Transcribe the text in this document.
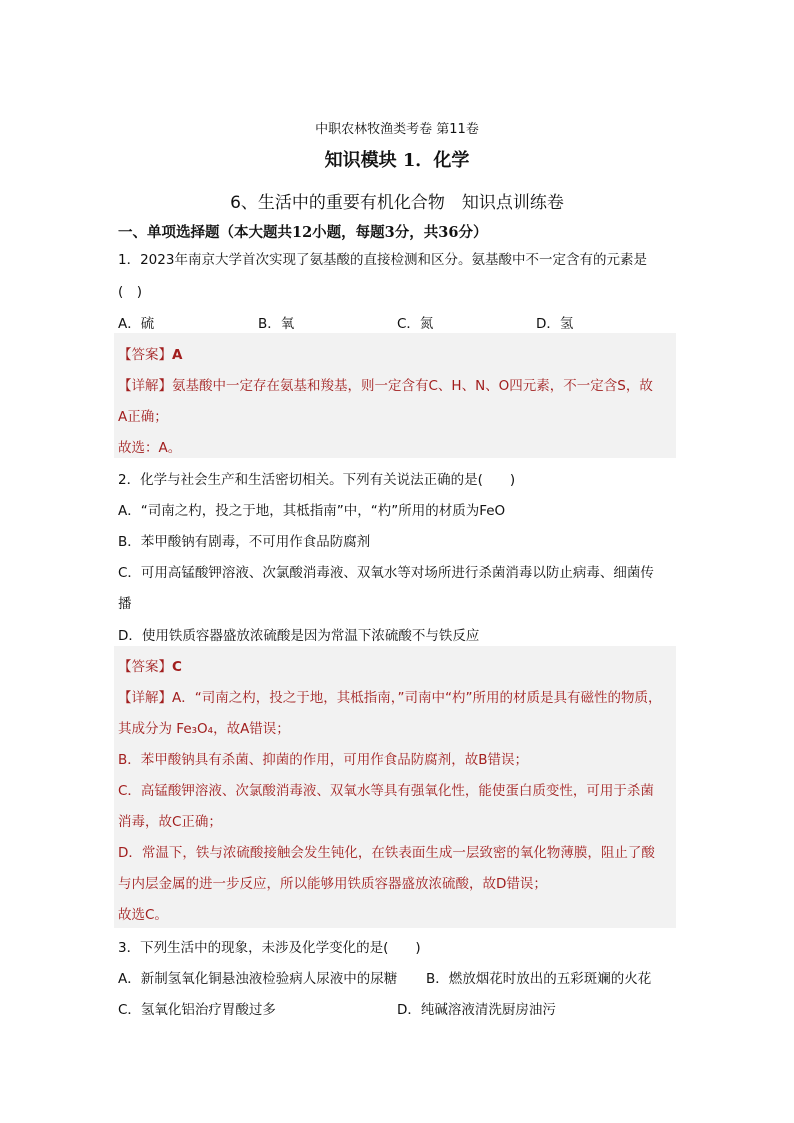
中职农林牧渔类考卷 第11卷
知识模块 1．化学
6、生活中的重要有机化合物　知识点训练卷
一、单项选择题（本大题共12小题，每题3分，共36分）
1．2023年南京大学首次实现了氨基酸的直接检测和区分。氨基酸中不一定含有的元素是
(　)
A．硫	B．氧	C．氮	D．氢
【答案】A
【详解】氨基酸中一定存在氨基和羧基，则一定含有C、H、N、O四元素，不一定含S，故
A正确；
故选：A。
2．化学与社会生产和生活密切相关。下列有关说法正确的是(　　)
A．“司南之杓，投之于地，其柢指南”中，“杓”所用的材质为FeO
B．苯甲酸钠有剧毒，不可用作食品防腐剂
C．可用高锰酸钾溶液、次氯酸消毒液、双氧水等对场所进行杀菌消毒以防止病毒、细菌传
播
D．使用铁质容器盛放浓硫酸是因为常温下浓硫酸不与铁反应
【答案】C
【详解】A．“司南之杓，投之于地，其柢指南，”司南中“杓”所用的材质是具有磁性的物质，
其成分为 Fe₃O₄，故A错误；
B．苯甲酸钠具有杀菌、抑菌的作用，可用作食品防腐剂，故B错误；
C．高锰酸钾溶液、次氯酸消毒液、双氧水等具有强氧化性，能使蛋白质变性，可用于杀菌
消毒，故C正确；
D．常温下，铁与浓硫酸接触会发生钝化，在铁表面生成一层致密的氧化物薄膜，阻止了酸
与内层金属的进一步反应，所以能够用铁质容器盛放浓硫酸，故D错误；
故选C。
3．下列生活中的现象，未涉及化学变化的是(　　)
A．新制氢氧化铜悬浊液检验病人尿液中的尿糖 B．燃放烟花时放出的五彩斑斓的火花
C．氢氧化铝治疗胃酸过多	D．纯碱溶液清洗厨房油污
